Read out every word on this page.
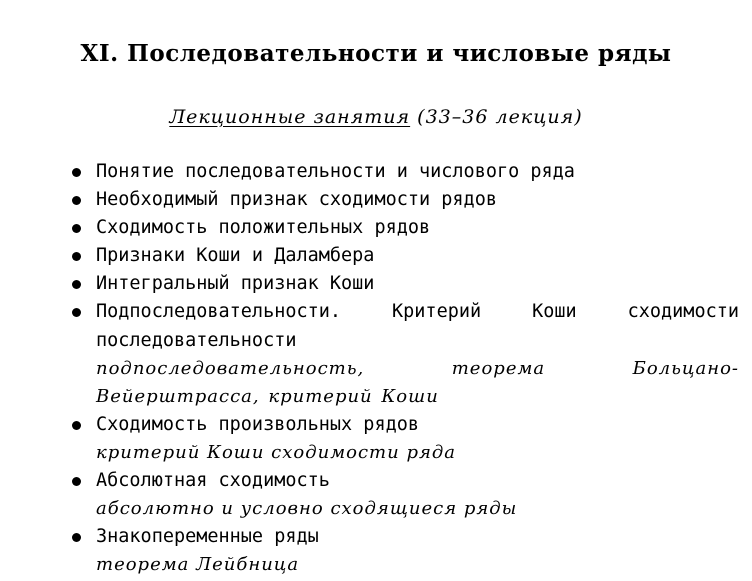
XI. Последовательности и числовые ряды

Лекционные занятия (33–36 лекция)

Понятие последовательности и числового ряда
Необходимый признак сходимости рядов
Сходимость положительных рядов
Признаки Коши и Даламбера
Интегральный признак Коши
Подпоследовательности. Критерий Коши сходимости последовательности
подпоследовательность, теорема Больцано-Вейерштрасса, критерий Коши
Сходимость произвольных рядов
критерий Коши сходимости ряда
Абсолютная сходимость
абсолютно и условно сходящиеся ряды
Знакопеременные ряды
теорема Лейбница
